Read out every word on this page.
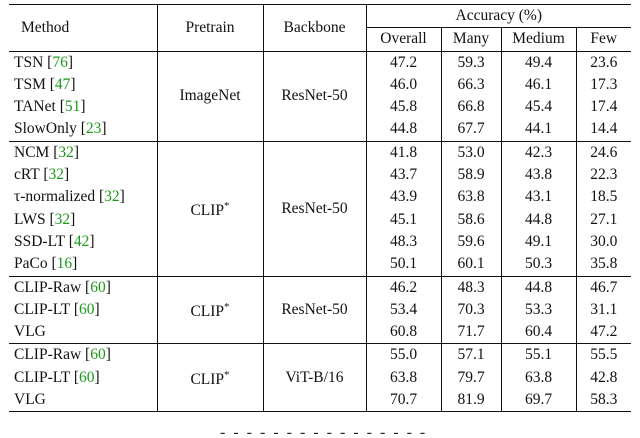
Method	Pretrain	Backbone	Accuracy (%)			
			Overall	Many	Medium	Few
TSN [76]	ImageNet	ResNet-50	47.2	59.3	49.4	23.6
TSM [47]			46.0	66.3	46.1	17.3
TANet [51]			45.8	66.8	45.4	17.4
SlowOnly [23]			44.8	67.7	44.1	14.4
NCM [32]	CLIP*	ResNet-50	41.8	53.0	42.3	24.6
cRT [32]			43.7	58.9	43.8	22.3
τ-normalized [32]			43.9	63.8	43.1	18.5
LWS [32]			45.1	58.6	44.8	27.1
SSD-LT [42]			48.3	59.6	49.1	30.0
PaCo [16]			50.1	60.1	50.3	35.8
CLIP-Raw [60]	CLIP*	ResNet-50	46.2	48.3	44.8	46.7
CLIP-LT [60]			53.4	70.3	53.3	31.1
VLG			60.8	71.7	60.4	47.2
CLIP-Raw [60]	CLIP*	ViT-B/16	55.0	57.1	55.1	55.5
CLIP-LT [60]			63.8	79.7	63.8	42.8
VLG			70.7	81.9	69.7	58.3
- - - - - - - - - - - - - - - -
